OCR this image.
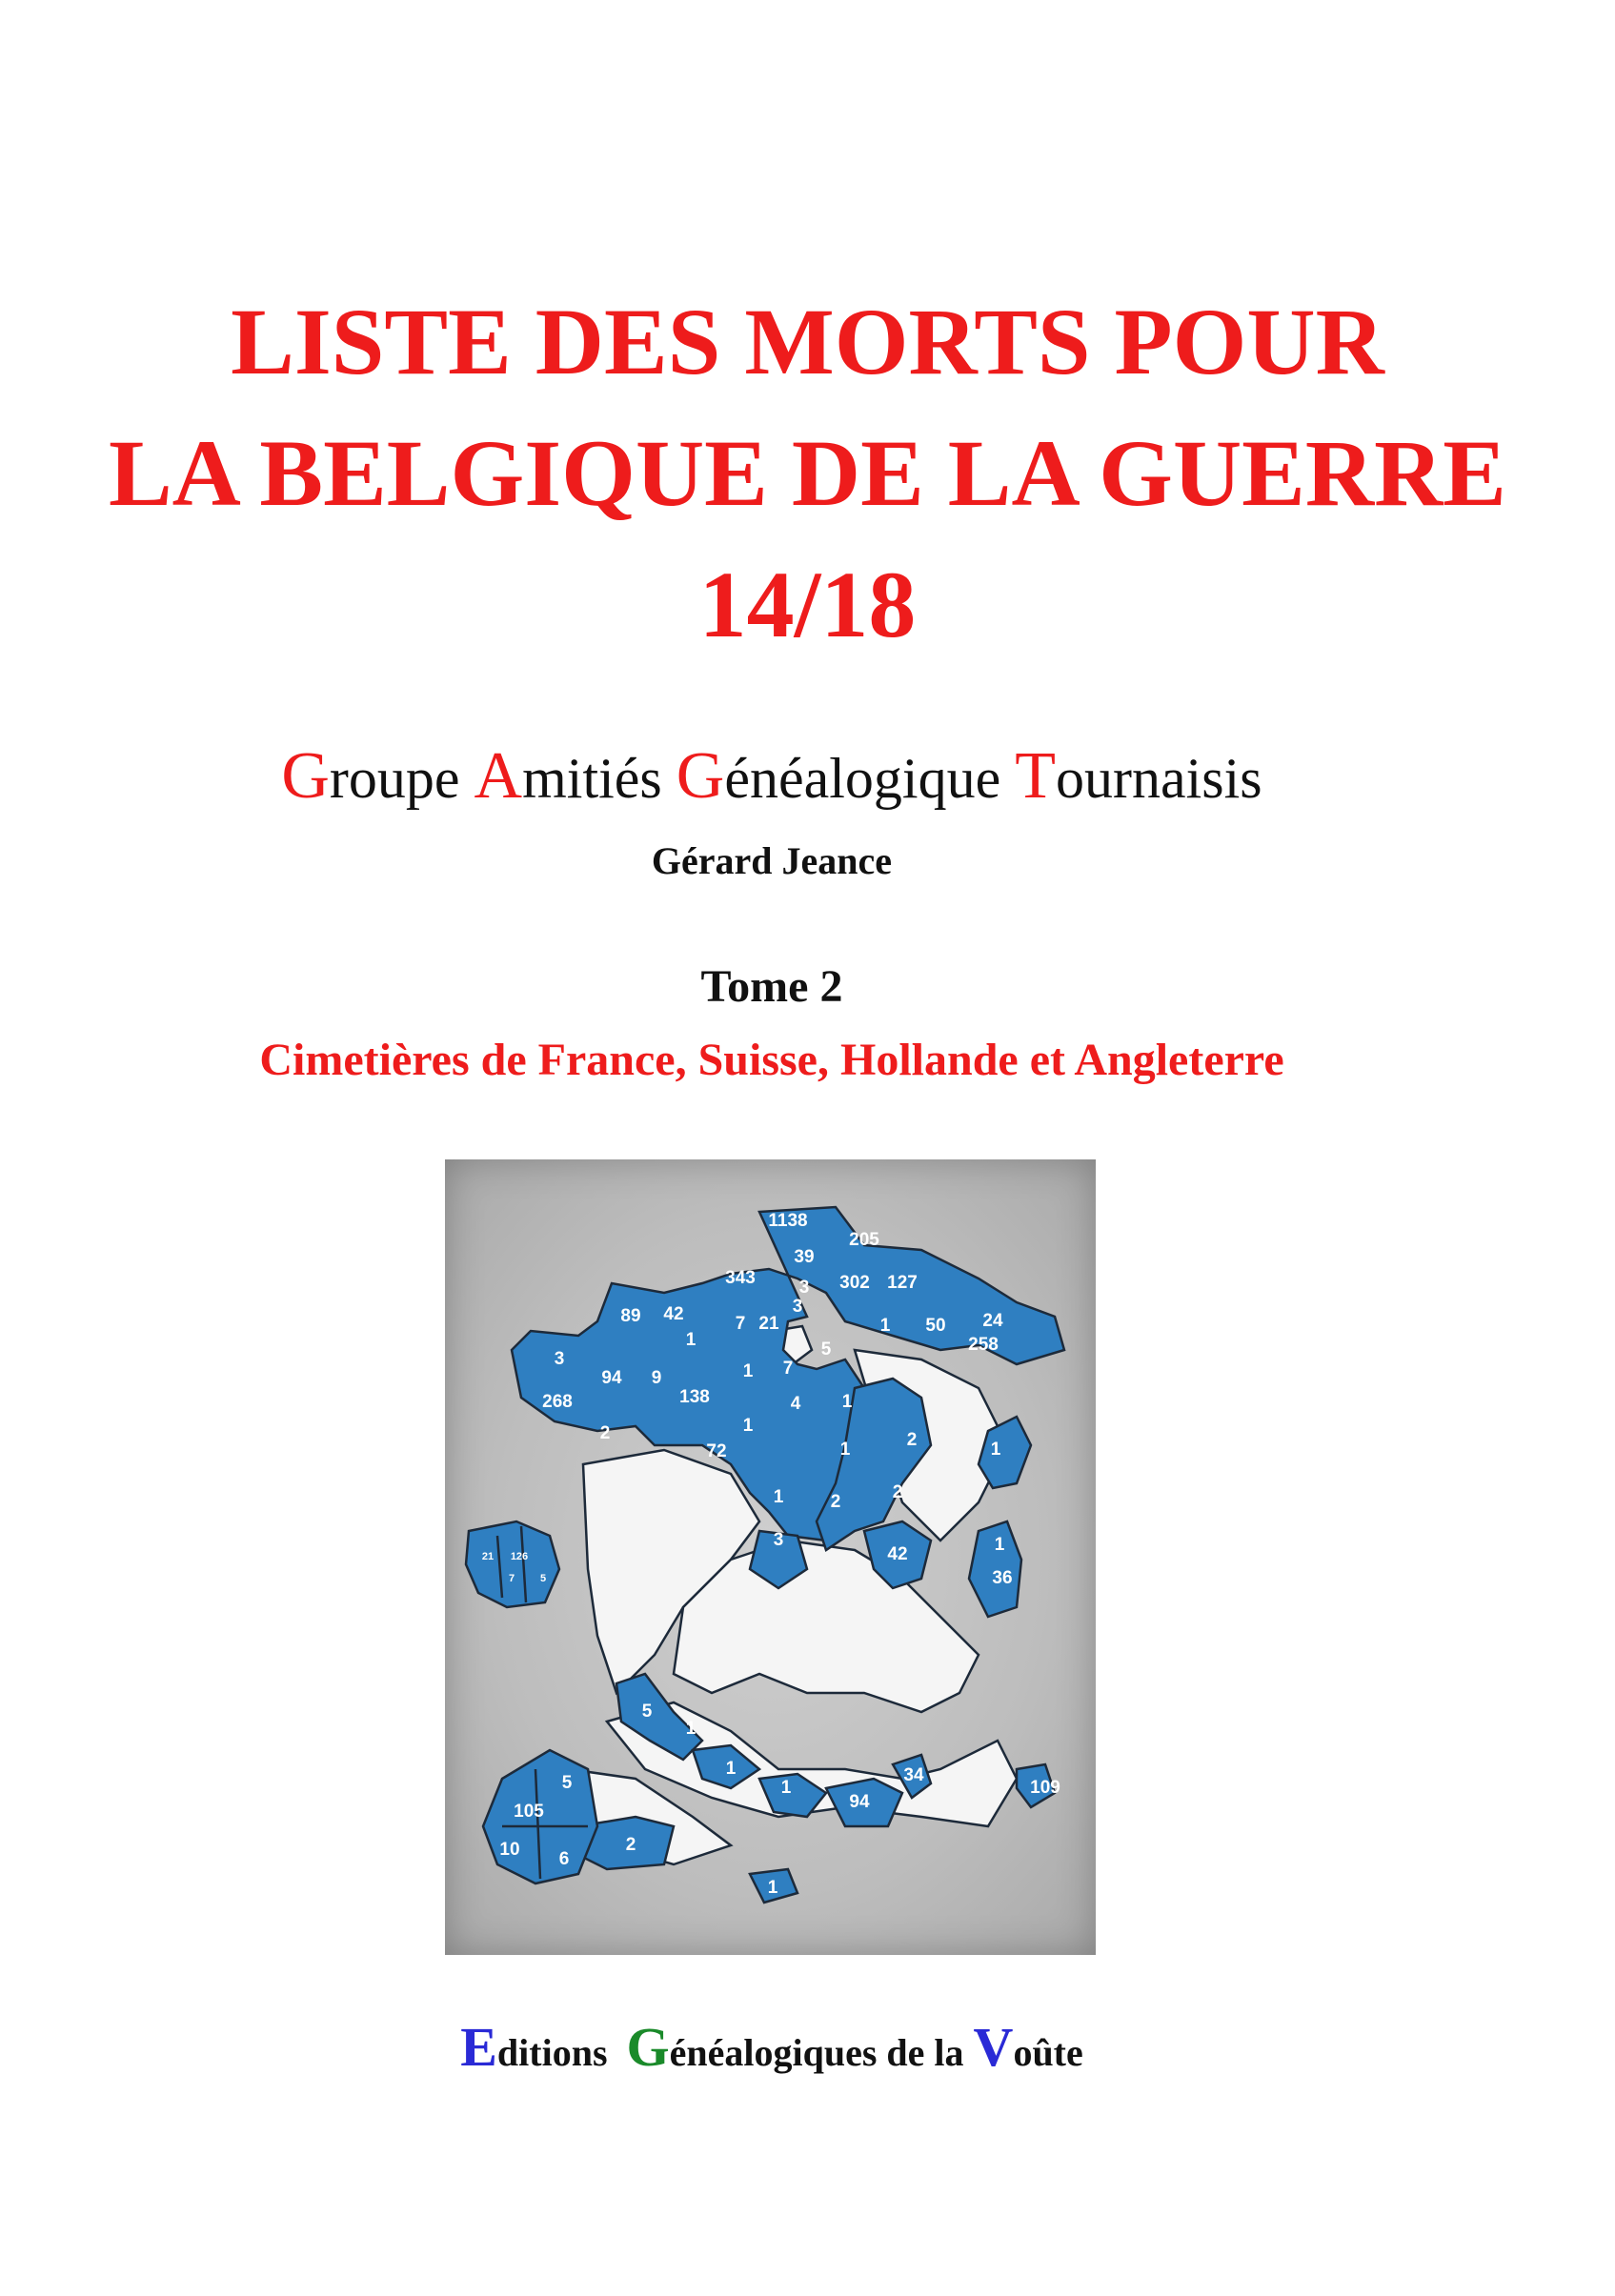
LISTE DES MORTS POUR
LA BELGIQUE DE LA GUERRE
14/18

Groupe Amitiés Généalogique Tournaisis

Gérard Jeance
Tome 2
Cimetières de France, Suisse, Hollande et Angleterre
1138
205
39
343	302 127
3
3
89 42
1
7 21
5
1 50 24
258
3
94 9	1 7
268	138	4 1
2	1
72	1	2	1
2
1	2
3
42	1
36
5
1
1
1
94
34
109
2
1
5
105
10 6
21 126
7 5
Editions Généalogiques de la Voûte
